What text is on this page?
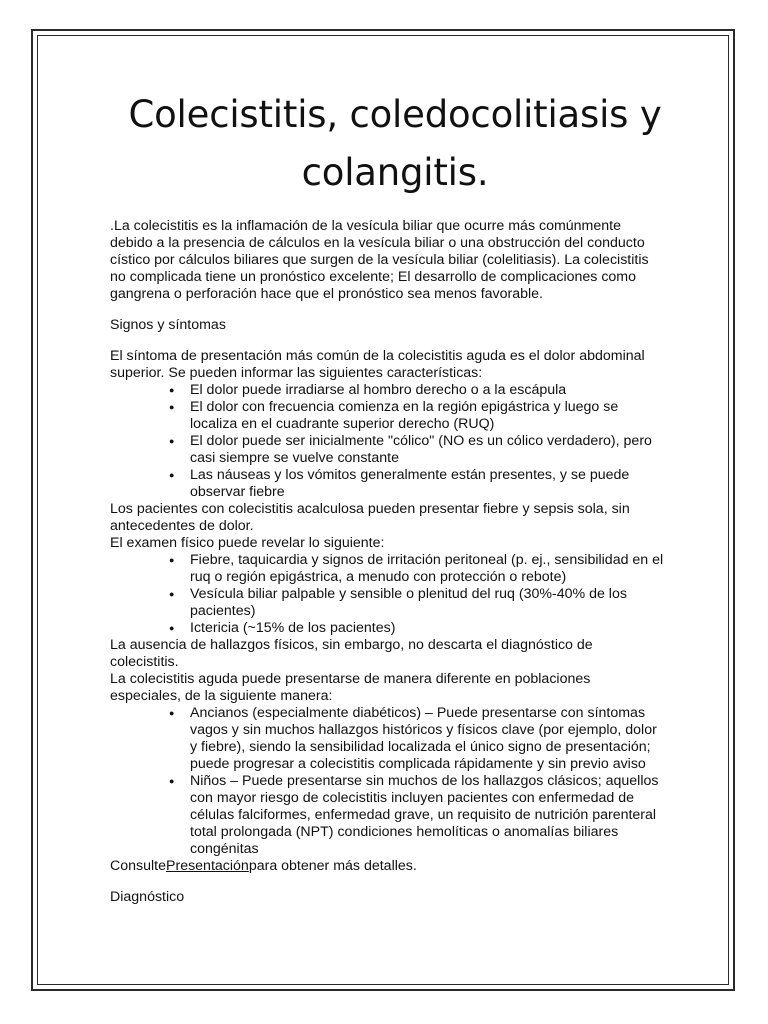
Colecistitis, coledocolitiasis y colangitis.

.La colecistitis es la inflamación de la vesícula biliar que ocurre más comúnmente debido a la presencia de cálculos en la vesícula biliar o una obstrucción del conducto cístico por cálculos biliares que surgen de la vesícula biliar (colelitiasis). La colecistitis no complicada tiene un pronóstico excelente; El desarrollo de complicaciones como gangrena o perforación hace que el pronóstico sea menos favorable.

Signos y síntomas

El síntoma de presentación más común de la colecistitis aguda es el dolor abdominal superior. Se pueden informar las siguientes características:

● El dolor puede irradiarse al hombro derecho o a la escápula
● El dolor con frecuencia comienza en la región epigástrica y luego se localiza en el cuadrante superior derecho (RUQ)
● El dolor puede ser inicialmente "cólico" (NO es un cólico verdadero), pero casi siempre se vuelve constante
● Las náuseas y los vómitos generalmente están presentes, y se puede observar fiebre

Los pacientes con colecistitis acalculosa pueden presentar fiebre y sepsis sola, sin antecedentes de dolor.

El examen físico puede revelar lo siguiente:

● Fiebre, taquicardia y signos de irritación peritoneal (p. ej., sensibilidad en el ruq o región epigástrica, a menudo con protección o rebote)
● Vesícula biliar palpable y sensible o plenitud del ruq (30%-40% de los pacientes)
● Ictericia (~15% de los pacientes)

La ausencia de hallazgos físicos, sin embargo, no descarta el diagnóstico de colecistitis.

La colecistitis aguda puede presentarse de manera diferente en poblaciones especiales, de la siguiente manera:

● Ancianos (especialmente diabéticos) – Puede presentarse con síntomas vagos y sin muchos hallazgos históricos y físicos clave (por ejemplo, dolor y fiebre), siendo la sensibilidad localizada el único signo de presentación; puede progresar a colecistitis complicada rápidamente y sin previo aviso
● Niños – Puede presentarse sin muchos de los hallazgos clásicos; aquellos con mayor riesgo de colecistitis incluyen pacientes con enfermedad de células falciformes, enfermedad grave, un requisito de nutrición parenteral total prolongada (NPT) condiciones hemolíticas o anomalías biliares congénitas

ConsultePresentaciónpara obtener más detalles.

Diagnóstico
